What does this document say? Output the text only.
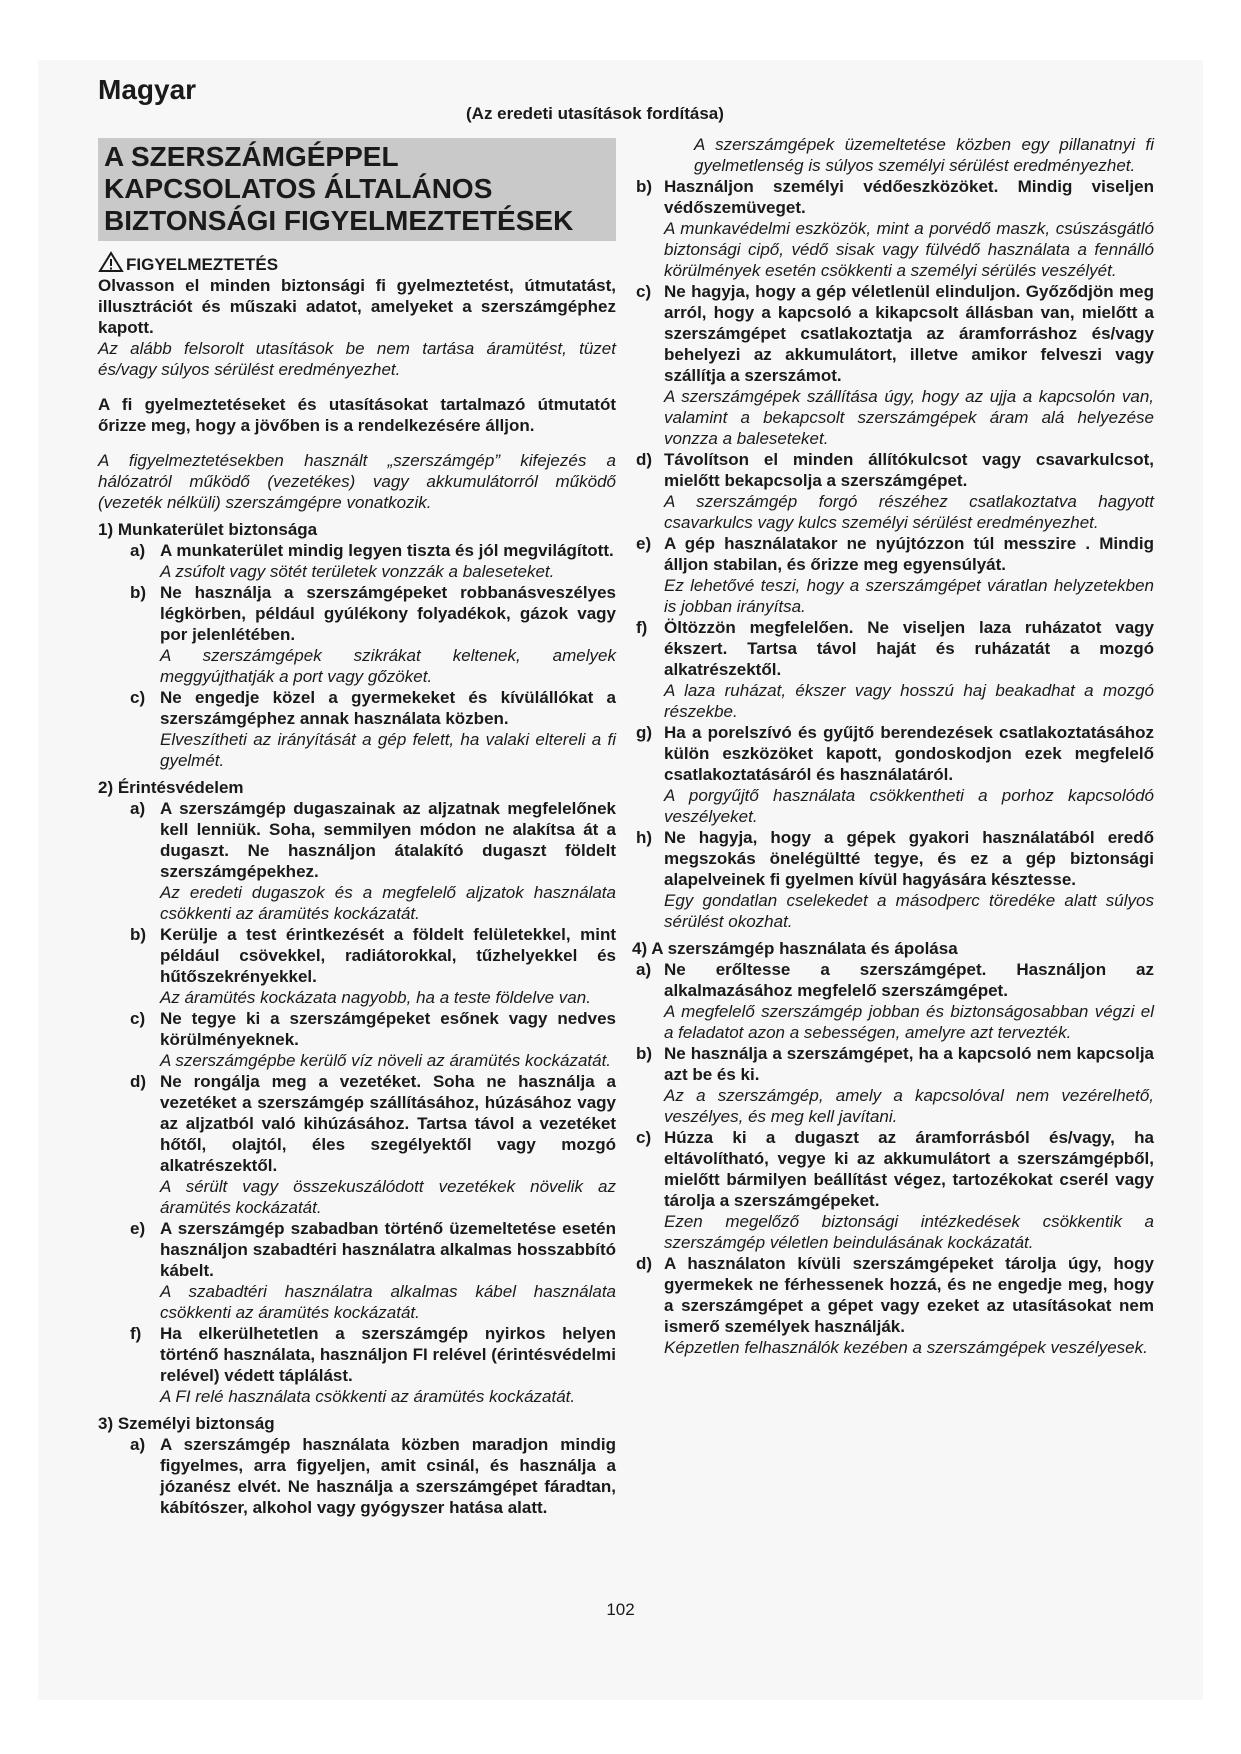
Magyar
(Az eredeti utasítások fordítása)
A SZERSZÁMGÉPPEL KAPCSOLATOS ÁLTALÁNOS BIZTONSÁGI FIGYELMEZTETÉSEK
FIGYELMEZTETÉS
Olvasson el minden biztonsági fi gyelmeztetést, útmutatást, illusztrációt és műszaki adatot, amelyeket a szerszámgéphez kapott.
Az alább felsorolt utasítások be nem tartása áramütést, tüzet és/vagy súlyos sérülést eredményezhet.
A fi gyelmeztetéseket és utasításokat tartalmazó útmutatót őrizze meg, hogy a jövőben is a rendelkezésére álljon.
A figyelmeztetésekben használt „szerszámgép” kifejezés a hálózatról működő (vezetékes) vagy akkumulátorról működő (vezeték nélküli) szerszámgépre vonatkozik.
1) Munkaterület biztonsága
a) A munkaterület mindig legyen tiszta és jól megvilágított.
A zsúfolt vagy sötét területek vonzzák a baleseteket.
b) Ne használja a szerszámgépeket robbanásveszélyes légkörben, például gyúlékony folyadékok, gázok vagy por jelenlétében.
A szerszámgépek szikrákat keltenek, amelyek meggyújthatják a port vagy gőzöket.
c) Ne engedje közel a gyermekeket és kívülállókat a szerszámgéphez annak használata közben.
Elveszítheti az irányítását a gép felett, ha valaki eltereli a fi gyelmét.
2) Érintésvédelem
a) A szerszámgép dugaszainak az aljzatnak megfelelőnek kell lenniük. Soha, semmilyen módon ne alakítsa át a dugaszt. Ne használjon átalakító dugaszt földelt szerszámgépekhez.
Az eredeti dugaszok és a megfelelő aljzatok használata csökkenti az áramütés kockázatát.
b) Kerülje a test érintkezését a földelt felületekkel, mint például csövekkel, radiátorokkal, tűzhelyekkel és hűtőszekrényekkel.
Az áramütés kockázata nagyobb, ha a teste földelve van.
c) Ne tegye ki a szerszámgépeket esőnek vagy nedves körülményeknek.
A szerszámgépbe kerülő víz növeli az áramütés kockázatát.
d) Ne rongálja meg a vezetéket. Soha ne használja a vezetéket a szerszámgép szállításához, húzásához vagy az aljzatból való kihúzásához. Tartsa távol a vezetéket hőtől, olajtól, éles szegélyektől vagy mozgó alkatrészektől.
A sérült vagy összekuszálódott vezetékek növelik az áramütés kockázatát.
e) A szerszámgép szabadban történő üzemeltetése esetén használjon szabadtéri használatra alkalmas hosszabbító kábelt.
A szabadtéri használatra alkalmas kábel használata csökkenti az áramütés kockázatát.
f) Ha elkerülhetetlen a szerszámgép nyirkos helyen történő használata, használjon FI relével (érintésvédelmi relével) védett táplálást.
A FI relé használata csökkenti az áramütés kockázatát.
3) Személyi biztonság
a) A szerszámgép használata közben maradjon mindig figyelmes, arra figyeljen, amit csinál, és használja a józanész elvét. Ne használja a szerszámgépet fáradtan, kábítószer, alkohol vagy gyógyszer hatása alatt.
A szerszámgépek üzemeltetése közben egy pillanatnyi fi gyelmetlenség is súlyos személyi sérülést eredményezhet.
b) Használjon személyi védőeszközöket. Mindig viseljen védőszemüveget.
A munkavédelmi eszközök, mint a porvédő maszk, csúszásgátló biztonsági cipő, védő sisak vagy fülvédő használata a fennálló körülmények esetén csökkenti a személyi sérülés veszélyét.
c) Ne hagyja, hogy a gép véletlenül elinduljon. Győződjön meg arról, hogy a kapcsoló a kikapcsolt állásban van, mielőtt a szerszámgépet csatlakoztatja az áramforráshoz és/vagy behelyezi az akkumulátort, illetve amikor felveszi vagy szállítja a szerszámot.
A szerszámgépek szállítása úgy, hogy az ujja a kapcsolón van, valamint a bekapcsolt szerszámgépek áram alá helyezése vonzza a baleseteket.
d) Távolítson el minden állítókulcsot vagy csavarkulcsot, mielőtt bekapcsolja a szerszámgépet.
A szerszámgép forgó részéhez csatlakoztatva hagyott csavarkulcs vagy kulcs személyi sérülést eredményezhet.
e) A gép használatakor ne nyújtózzon túl messzire . Mindig álljon stabilan, és őrizze meg egyensúlyát.
Ez lehetővé teszi, hogy a szerszámgépet váratlan helyzetekben is jobban irányítsa.
f) Öltözzön megfelelően. Ne viseljen laza ruházatot vagy ékszert. Tartsa távol haját és ruházatát a mozgó alkatrészektől.
A laza ruházat, ékszer vagy hosszú haj beakadhat a mozgó részekbe.
g) Ha a porelszívó és gyűjtő berendezések csatlakoztatásához külön eszközöket kapott, gondoskodjon ezek megfelelő csatlakoztatásáról és használatáról.
A porgyűjtő használata csökkentheti a porhoz kapcsolódó veszélyeket.
h) Ne hagyja, hogy a gépek gyakori használatából eredő megszokás önelégültté tegye, és ez a gép biztonsági alapelveinek fi gyelmen kívül hagyására késztesse.
Egy gondatlan cselekedet a másodperc töredéke alatt súlyos sérülést okozhat.
4) A szerszámgép használata és ápolása
a) Ne erőltesse a szerszámgépet. Használjon az alkalmazásához megfelelő szerszámgépet.
A megfelelő szerszámgép jobban és biztonságosabban végzi el a feladatot azon a sebességen, amelyre azt tervezték.
b) Ne használja a szerszámgépet, ha a kapcsoló nem kapcsolja azt be és ki.
Az a szerszámgép, amely a kapcsolóval nem vezérelhető, veszélyes, és meg kell javítani.
c) Húzza ki a dugaszt az áramforrásból és/vagy, ha eltávolítható, vegye ki az akkumulátort a szerszámgépből, mielőtt bármilyen beállítást végez, tartozékokat cserél vagy tárolja a szerszámgépeket.
Ezen megelőző biztonsági intézkedések csökkentik a szerszámgép véletlen beindulásának kockázatát.
d) A használaton kívüli szerszámgépeket tárolja úgy, hogy gyermekek ne férhessenek hozzá, és ne engedje meg, hogy a szerszámgépet a gépet vagy ezeket az utasításokat nem ismerő személyek használják.
Képzetlen felhasználók kezében a szerszámgépek veszélyesek.
102
